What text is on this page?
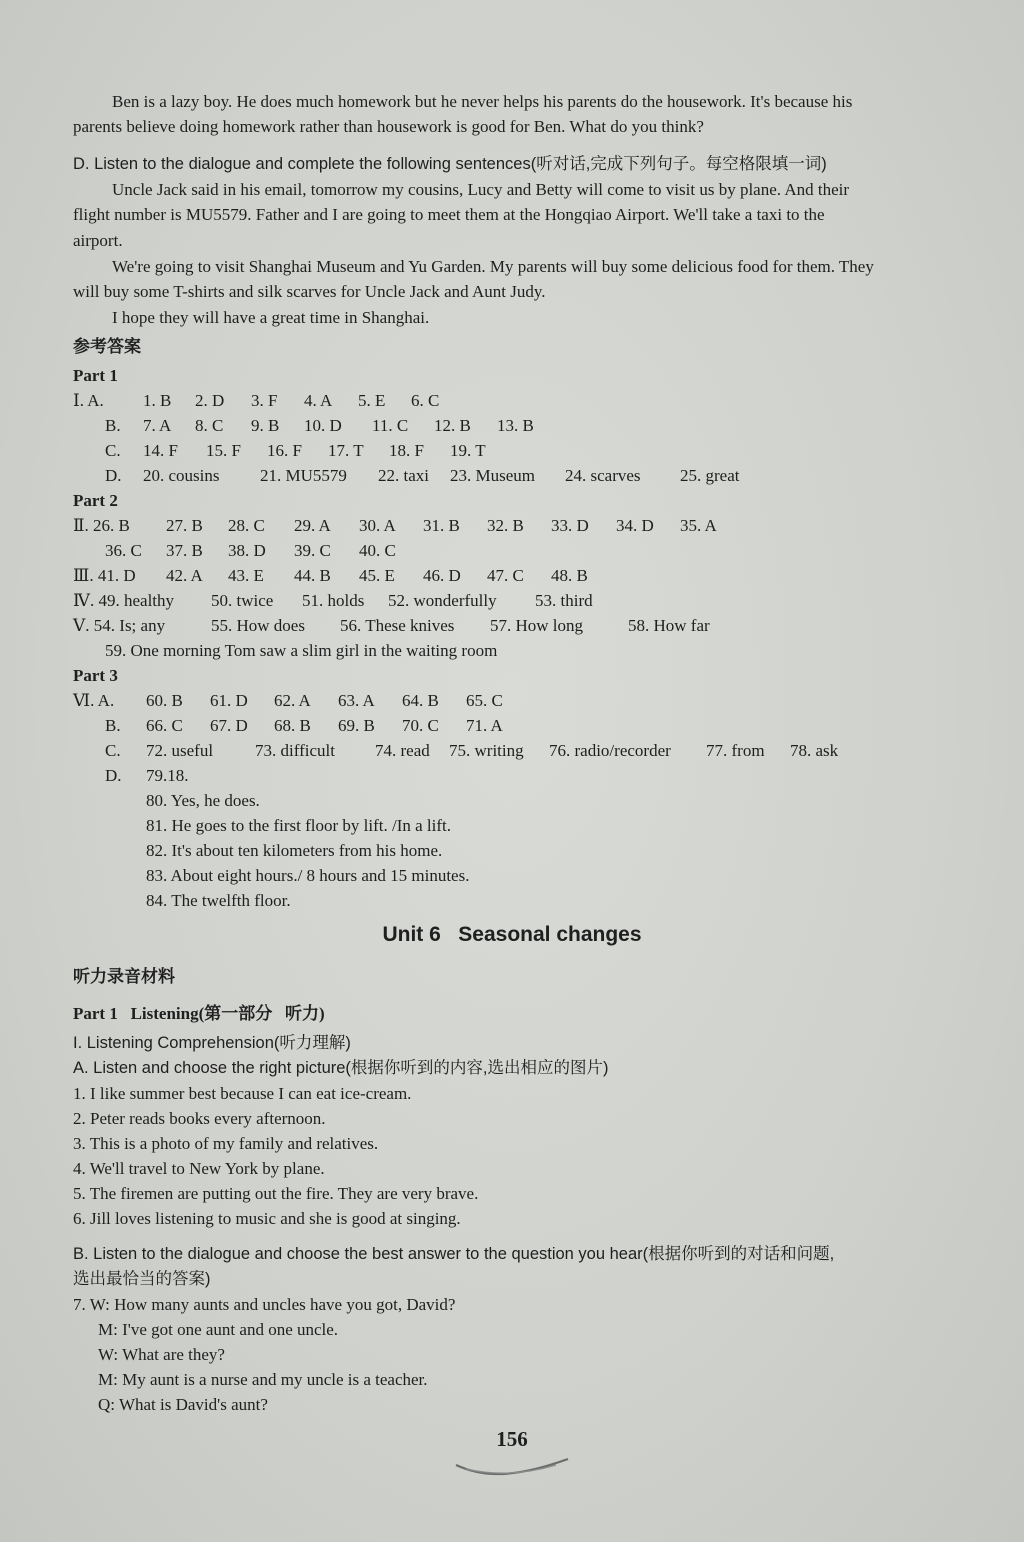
Ben is a lazy boy. He does much homework but he never helps his parents do the housework. It's because his
parents believe doing homework rather than housework is good for Ben. What do you think?
D. Listen to the dialogue and complete the following sentences(听对话,完成下列句子。每空格限填一词)
Uncle Jack said in his email, tomorrow my cousins, Lucy and Betty will come to visit us by plane. And their
flight number is MU5579. Father and I are going to meet them at the Hongqiao Airport. We'll take a taxi to the
airport.
We're going to visit Shanghai Museum and Yu Garden. My parents will buy some delicious food for them. They
will buy some T-shirts and silk scarves for Uncle Jack and Aunt Judy.
I hope they will have a great time in Shanghai.
参考答案
Part 1
Ⅰ. A. 1. B 2. D 3. F 4. A 5. E 6. C
B. 7. A 8. C 9. B 10. D 11. C 12. B 13. B
C. 14. F 15. F 16. F 17. T 18. F 19. T
D. 20. cousins 21. MU5579 22. taxi 23. Museum 24. scarves 25. great
Part 2
Ⅱ. 26. B 27. B 28. C 29. A 30. A 31. B 32. B 33. D 34. D 35. A
36. C 37. B 38. D 39. C 40. C
Ⅲ. 41. D 42. A 43. E 44. B 45. E 46. D 47. C 48. B
Ⅳ. 49. healthy 50. twice 51. holds 52. wonderfully 53. third
Ⅴ. 54. Is; any	55. How does 56. These knives 57. How long	58. How far
59. One morning Tom saw a slim girl in the waiting room
Part 3
Ⅵ. A. 60. B 61. D 62. A 63. A 64. B 65. C
B. 66. C 67. D 68. B 69. B 70. C 71. A
C. 72. useful 73. difficult 74. read 75. writing 76. radio/recorder 77. from 78. ask
D. 79.18.
80. Yes, he does.
81. He goes to the first floor by lift. /In a lift.
82. It's about ten kilometers from his home.
83. About eight hours./ 8 hours and 15 minutes.
84. The twelfth floor.
Unit 6   Seasonal changes
听力录音材料
Part 1   Listening(第一部分   听力)
I. Listening Comprehension(听力理解)
A. Listen and choose the right picture(根据你听到的内容,选出相应的图片)
1. I like summer best because I can eat ice-cream.
2. Peter reads books every afternoon.
3. This is a photo of my family and relatives.
4. We'll travel to New York by plane.
5. The firemen are putting out the fire. They are very brave.
6. Jill loves listening to music and she is good at singing.
B. Listen to the dialogue and choose the best answer to the question you hear(根据你听到的对话和问题,
选出最恰当的答案)
7. W: How many aunts and uncles have you got, David?
M: I've got one aunt and one uncle.
W: What are they?
M: My aunt is a nurse and my uncle is a teacher.
Q: What is David's aunt?
156
